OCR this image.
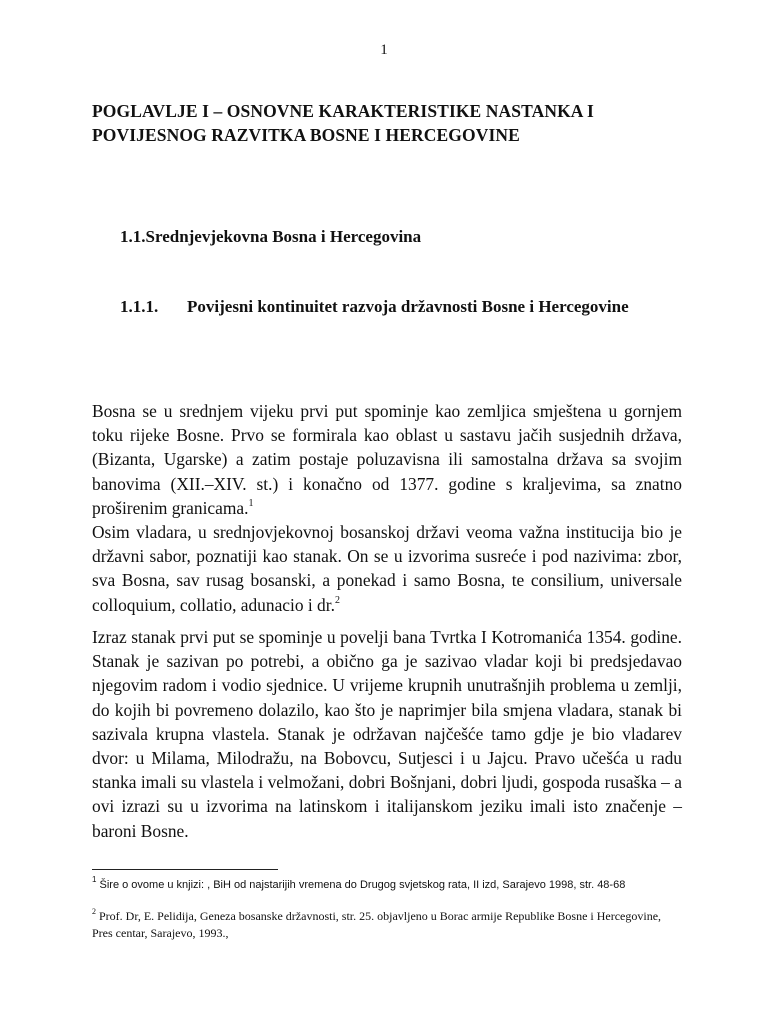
1
POGLAVLJE I – OSNOVNE KARAKTERISTIKE NASTANKA I POVIJESNOG RAZVITKA BOSNE I HERCEGOVINE
1.1.Srednjevjekovna Bosna i Hercegovina
1.1.1. Povijesni kontinuitet razvoja državnosti Bosne i Hercegovine

Bosna se u srednjem vijeku prvi put spominje kao zemljica smještena u gornjem toku rijeke Bosne. Prvo se formirala kao oblast u sastavu jačih susjednih država, (Bizanta, Ugarske) a zatim postaje poluzavisna ili samostalna država sa svojim banovima (XII.–XIV. st.) i konačno od 1377. godine s kraljevima, sa znatno proširenim granicama.$^1$

Osim vladara, u srednjovjekovnoj bosanskoj državi veoma važna institucija bio je državni sabor, poznatiji kao stanak. On se u izvorima susreće i pod nazivima: zbor, sva Bosna, sav rusag bosanski, a ponekad i samo Bosna, te consilium, universale colloquium, collatio, adunacio i dr.$^2$

Izraz stanak prvi put se spominje u povelji bana Tvrtka I Kotromanića 1354. godine. Stanak je sazivan po potrebi, a obično ga je sazivao vladar koji bi predsjedavao njegovim radom i vodio sjednice. U vrijeme krupnih unutrašnjih problema u zemlji, do kojih bi povremeno dolazilo, kao što je naprimjer bila smjena vladara, stanak bi sazivala krupna vlastela. Stanak je održavan najčešće tamo gdje je bio vladarev dvor: u Milama, Milodražu, na Bobovcu, Sutjesci i u Jajcu. Pravo učešća u radu stanka imali su vlastela i velmožani, dobri Bošnjani, dobri ljudi, gospoda rusaška – a ovi izrazi su u izvorima na latinskom i italijanskom jeziku imali isto značenje – baroni Bosne.

$^1$ Šire o ovome u knjizi: , BiH od najstarijih vremena do Drugog svjetskog rata, II izd, Sarajevo 1998, str. 48-68

$^2$ Prof. Dr, E. Pelidija, Geneza bosanske državnosti, str. 25. objavljeno u Borac armije Republike Bosne i Hercegovine, Pres centar, Sarajevo, 1993.,
